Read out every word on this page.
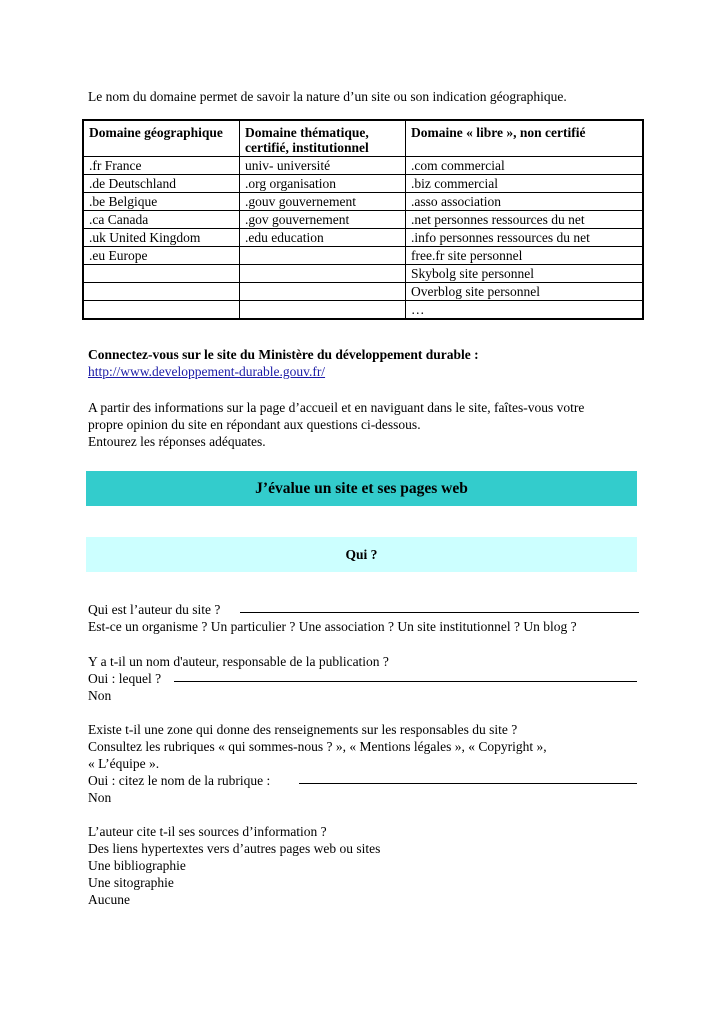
Le nom du domaine permet de savoir la nature d’un site ou son indication géographique.
Domaine géographique	Domaine thématique, certifié, institutionnel	Domaine « libre », non certifié
.fr France	univ- université	.com commercial
.de Deutschland	.org organisation	.biz commercial
.be Belgique	.gouv gouvernement	.asso association
.ca Canada	.gov gouvernement	.net personnes ressources du net
.uk United Kingdom	.edu education	.info personnes ressources du net
.eu Europe		free.fr site personnel
		Skybolg site personnel
		Overblog site personnel
		…
Connectez-vous sur le site du Ministère du développement durable :
http://www.developpement-durable.gouv.fr/
A partir des informations sur la page d’accueil et en naviguant dans le site, faîtes-vous votre
propre opinion du site en répondant aux questions ci-dessous.
Entourez les réponses adéquates.
J’évalue un site et ses pages web
Qui ?
Qui est l’auteur du site ?
Est-ce un organisme ? Un particulier ? Une association ? Un site institutionnel ? Un blog ?
Y a t-il un nom d'auteur, responsable de la publication ?
Oui : lequel ?
Non
Existe t-il une zone qui donne des renseignements sur les responsables du site ?
Consultez les rubriques « qui sommes-nous ? », « Mentions légales », « Copyright »,
« L’équipe ».
Oui : citez le nom de la rubrique :
Non
L’auteur cite t-il ses sources d’information ?
Des liens hypertextes vers d’autres pages web ou sites
Une bibliographie
Une sitographie
Aucune
